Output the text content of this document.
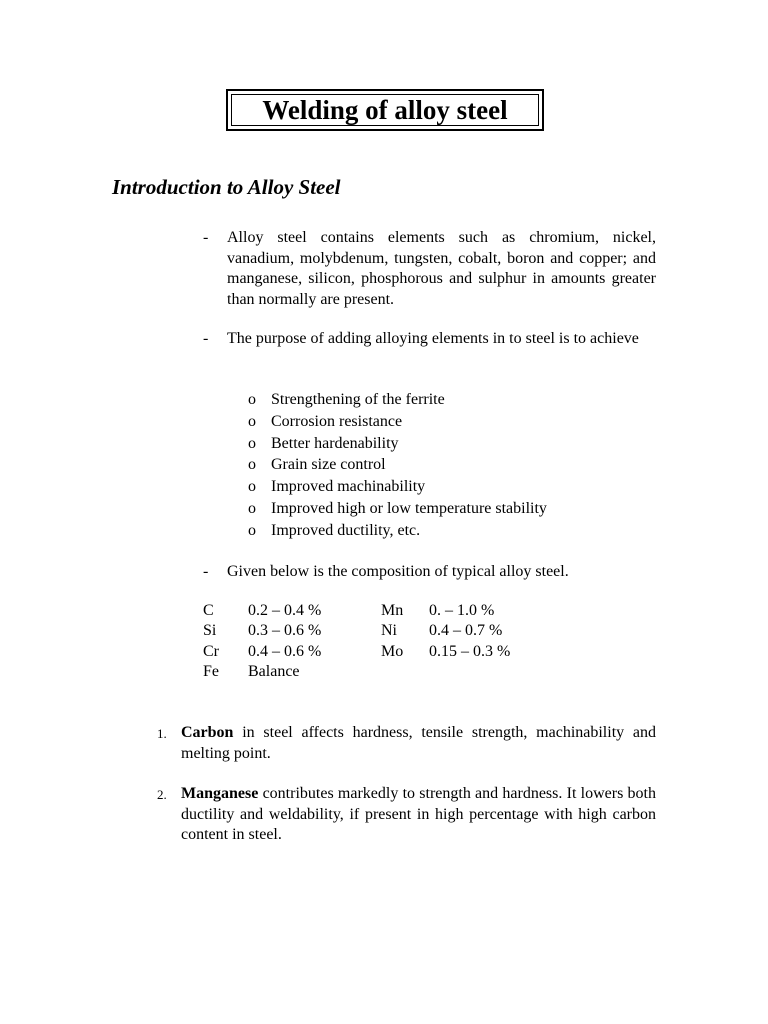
Welding of alloy steel
Introduction to Alloy Steel
- Alloy steel contains elements such as chromium, nickel, vanadium, molybdenum, tungsten, cobalt, boron and copper; and manganese, silicon, phosphorous and sulphur in amounts greater than normally are present.
- The purpose of adding alloying elements in to steel is to achieve
o Strengthening of the ferrite
o Corrosion resistance
o Better hardenability
o Grain size control
o Improved machinability
o Improved high or low temperature stability
o Improved ductility, etc.
- Given below is the composition of typical alloy steel.
C 0.2 – 0.4 %	Mn 0. – 1.0 %
Si 0.3 – 0.6 %	Ni 0.4 – 0.7 %
Cr 0.4 – 0.6 %	Mo 0.15 – 0.3 %
Fe Balance
1. Carbon in steel affects hardness, tensile strength, machinability and melting point.
2. Manganese contributes markedly to strength and hardness. It lowers both ductility and weldability, if present in high percentage with high carbon content in steel.
